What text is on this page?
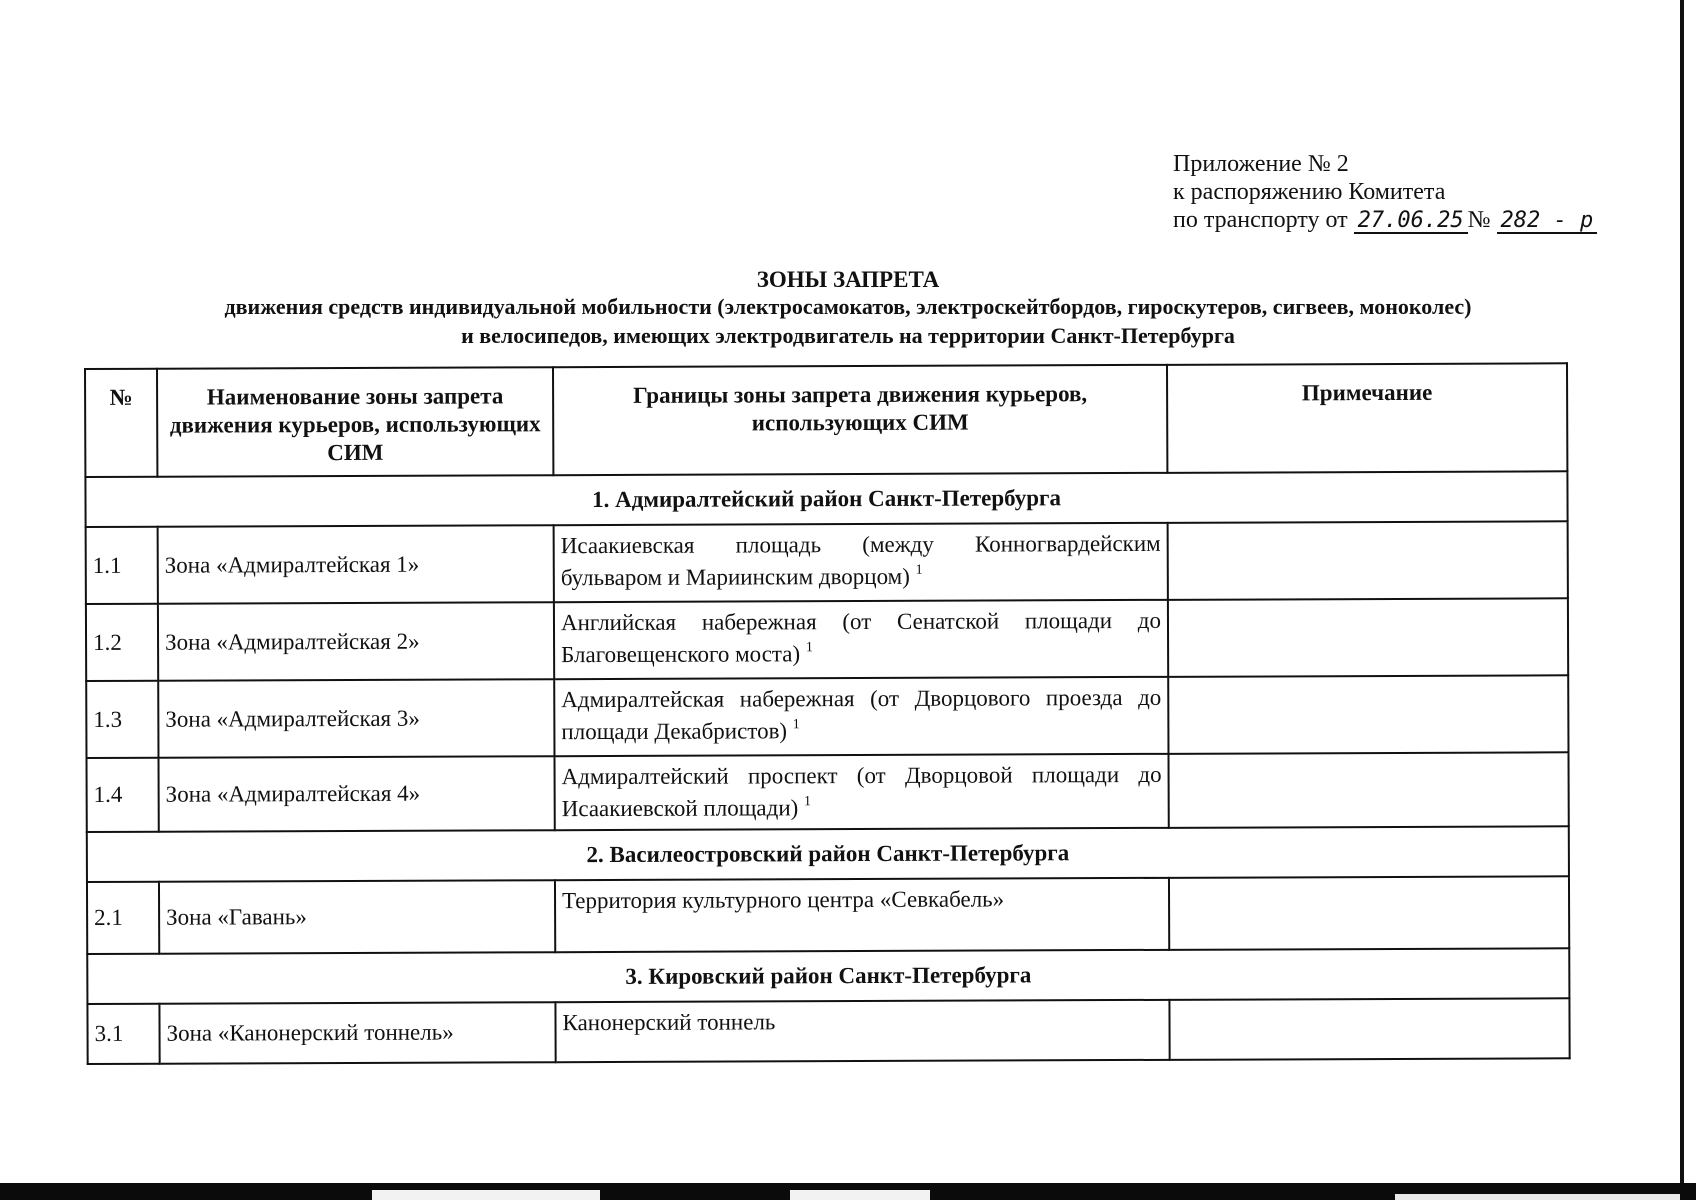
Приложение № 2
к распоряжению Комитета
по транспорту от 27.06.25 № 282 - р
ЗОНЫ ЗАПРЕТА
движения средств индивидуальной мобильности (электросамокатов, электроскейтбордов, гироскутеров, сигвеев, моноколес)
и велосипедов, имеющих электродвигатель на территории Санкт-Петербурга
№	Наименование зоны запрета движения курьеров, использующих СИМ	Границы зоны запрета движения курьеров, использующих СИМ	Примечание
1. Адмиралтейский район Санкт-Петербурга			
1.1	Зона «Адмиралтейская 1»	Исаакиевская площадь (между Конногвардейским бульваром и Мариинским дворцом) $^1$	
1.2	Зона «Адмиралтейская 2»	Английская набережная (от Сенатской площади до Благовещенского моста) $^1$	
1.3	Зона «Адмиралтейская 3»	Адмиралтейская набережная (от Дворцового проезда до площади Декабристов) $^1$	
1.4	Зона «Адмиралтейская 4»	Адмиралтейский проспект (от Дворцовой площади до Исаакиевской площади) $^1$	
2. Василеостровский район Санкт-Петербурга			
2.1	Зона «Гавань»	Территория культурного центра «Севкабель»	
3. Кировский район Санкт-Петербурга			
3.1	Зона «Канонерский тоннель»	Канонерский тоннель	
